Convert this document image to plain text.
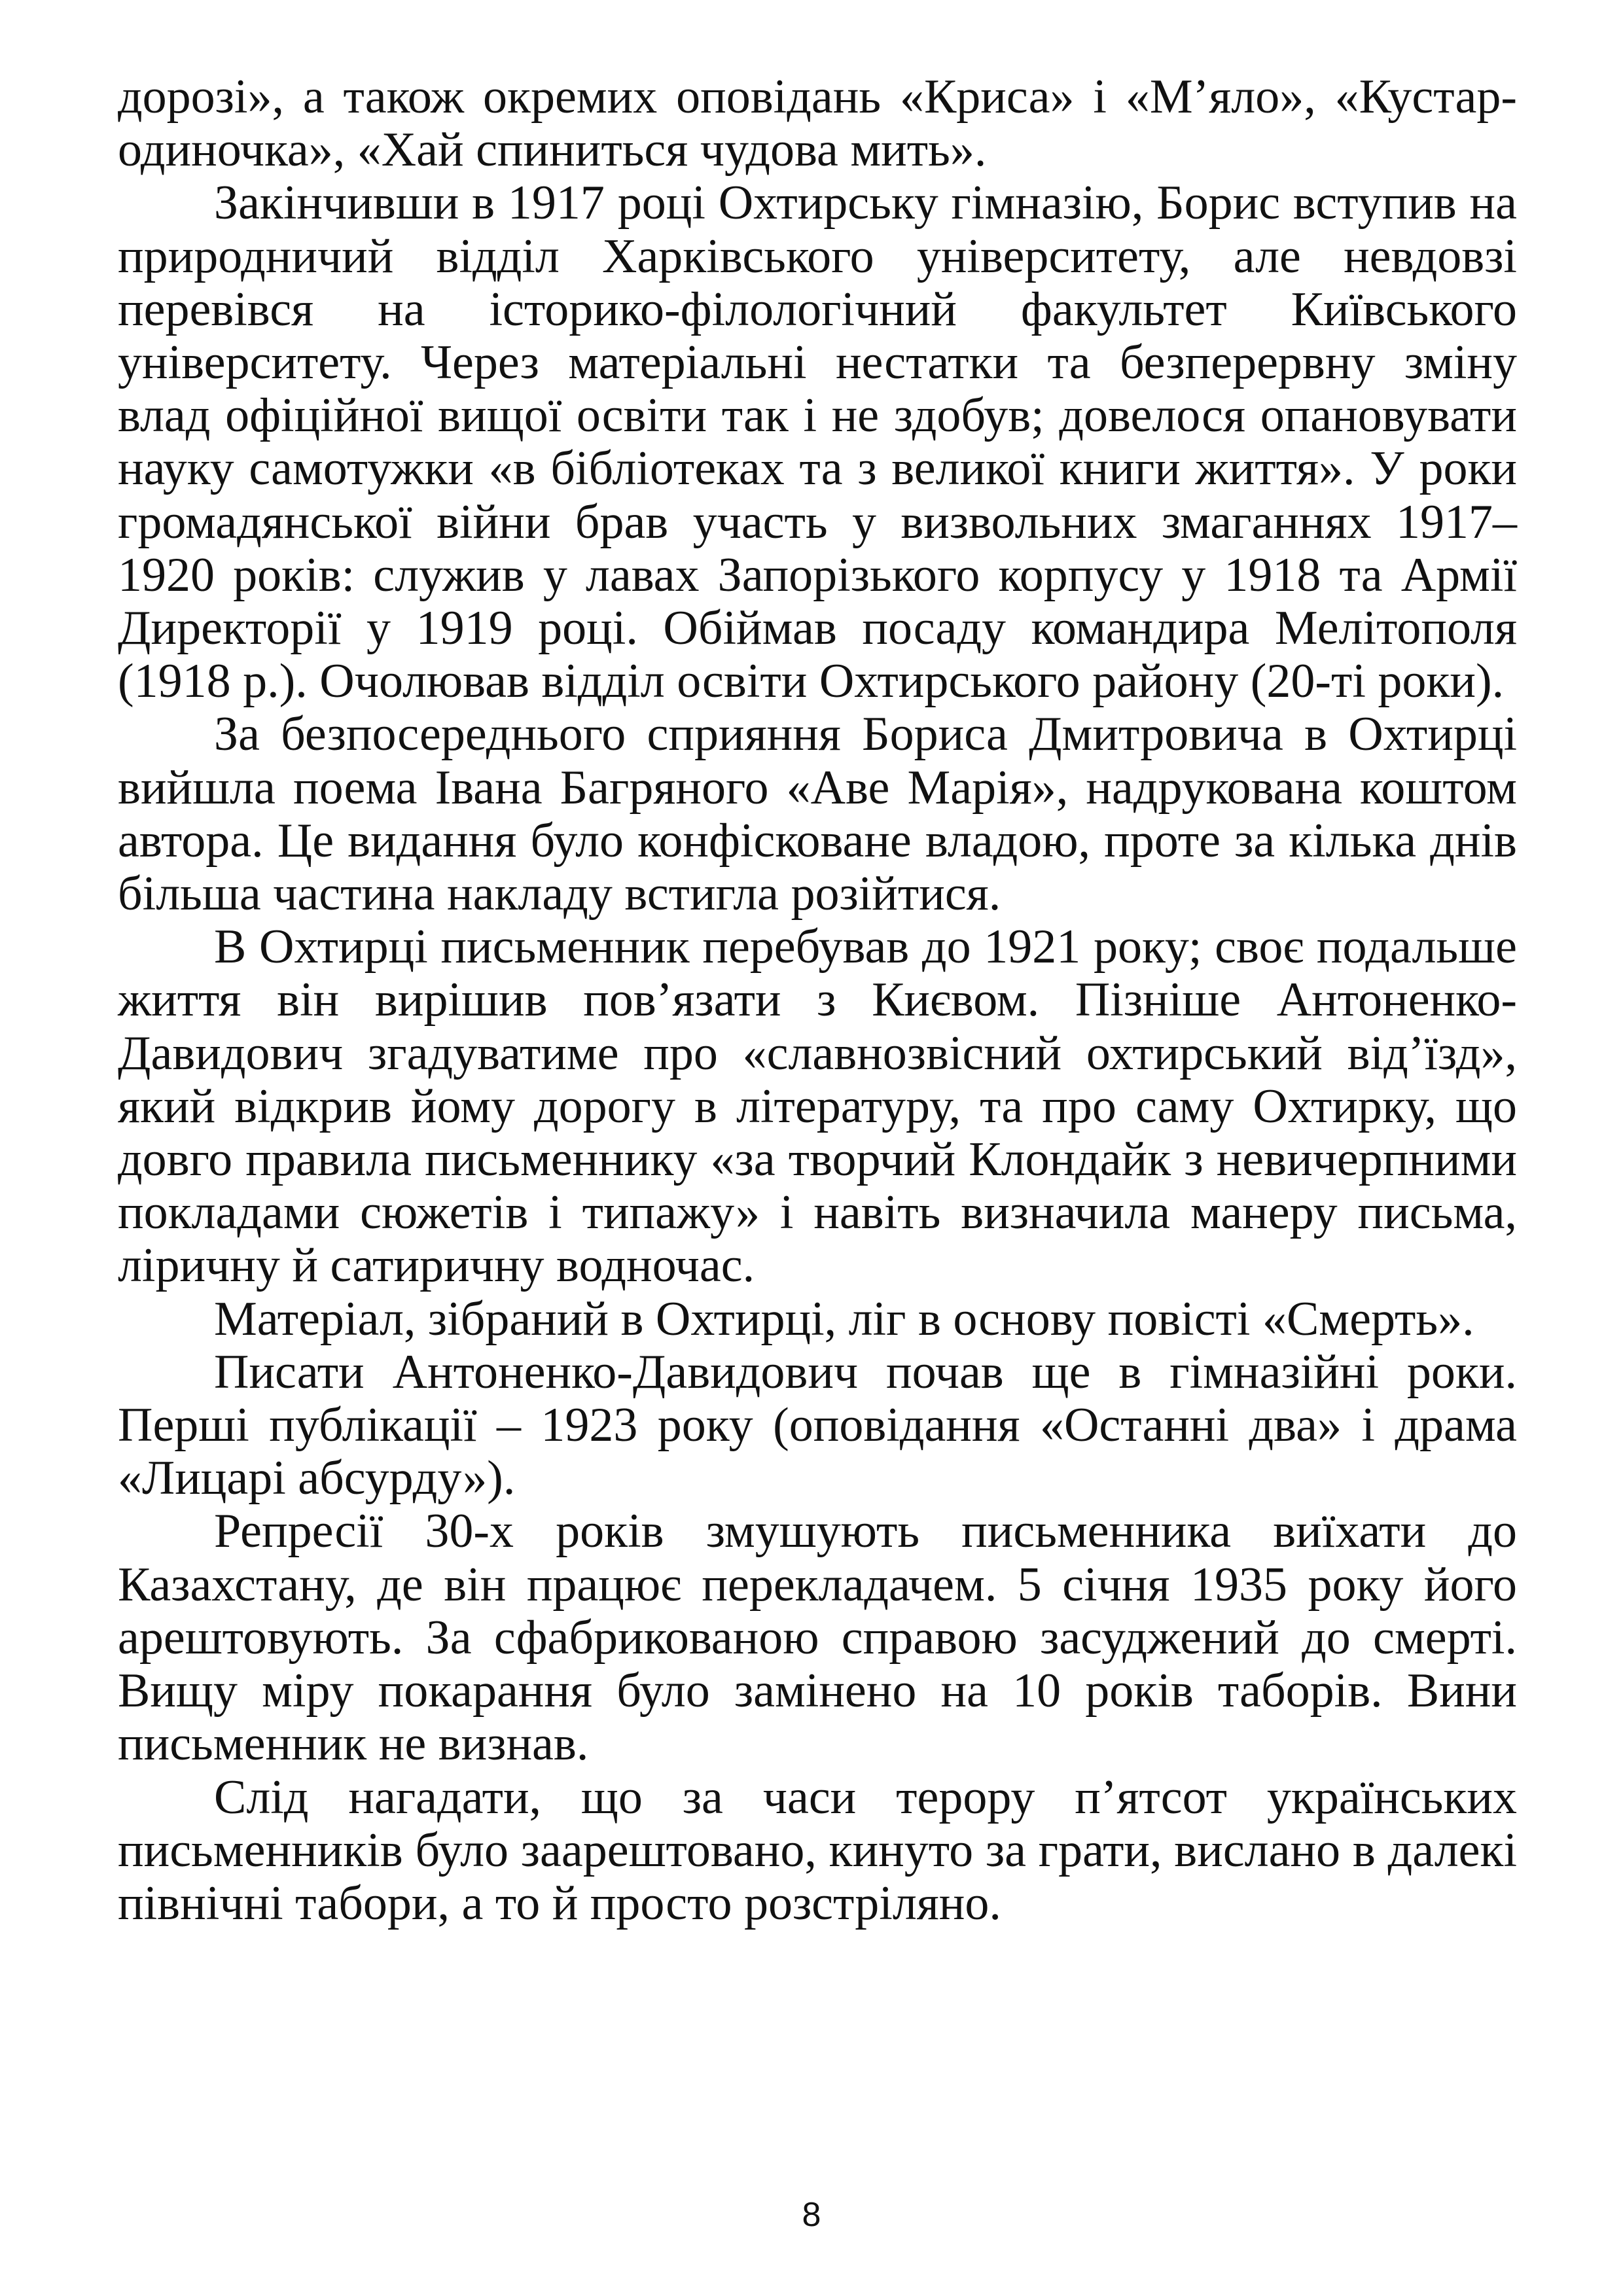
дорозі», а також окремих оповідань «Криса» і «М’яло», «Кустар-одиночка», «Хай спиниться чудова мить».

Закінчивши в 1917 році Охтирську гімназію, Борис вступив на природничий відділ Харківського університету, але невдовзі перевівся на історико-філологічний факультет Київського університету. Через матеріальні нестатки та безперервну зміну влад офіційної вищої освіти так і не здобув; довелося опановувати науку самотужки «в бібліотеках та з великої книги життя». У роки громадянської війни брав участь у визвольних змаганнях 1917–1920 років: служив у лавах Запорізького корпусу у 1918 та Армії Директорії у 1919 році. Обіймав посаду командира Мелітополя (1918 р.). Очолював відділ освіти Охтирського району (20-ті роки).

За безпосереднього сприяння Бориса Дмитровича в Охтирці вийшла поема Івана Багряного «Аве Марія», надрукована коштом автора. Це видання було конфісковане владою, проте за кілька днів більша частина накладу встигла розійтися.

В Охтирці письменник перебував до 1921 року; своє подальше життя він вирішив пов’язати з Києвом. Пізніше Антоненко-Давидович згадуватиме про «славнозвісний охтирський від’їзд», який відкрив йому дорогу в літературу, та про саму Охтирку, що довго правила письменнику «за творчий Клондайк з невичерпними покладами сюжетів і типажу» і навіть визначила манеру письма, ліричну й сатиричну водночас.

Матеріал, зібраний в Охтирці, ліг в основу повісті «Смерть».

Писати Антоненко-Давидович почав ще в гімназійні роки. Перші публікації – 1923 року (оповідання «Останні два» і драма «Лицарі абсурду»).

Репресії 30-х років змушують письменника виїхати до Казахстану, де він працює перекладачем. 5 січня 1935 року його арештовують. За сфабрикованою справою засуджений до смерті. Вищу міру покарання було замінено на 10 років таборів. Вини письменник не визнав.

Слід нагадати, що за часи терору п’ятсот українських письменників було заарештовано, кинуто за грати, вислано в далекі північні табори, а то й просто розстріляно.

8
